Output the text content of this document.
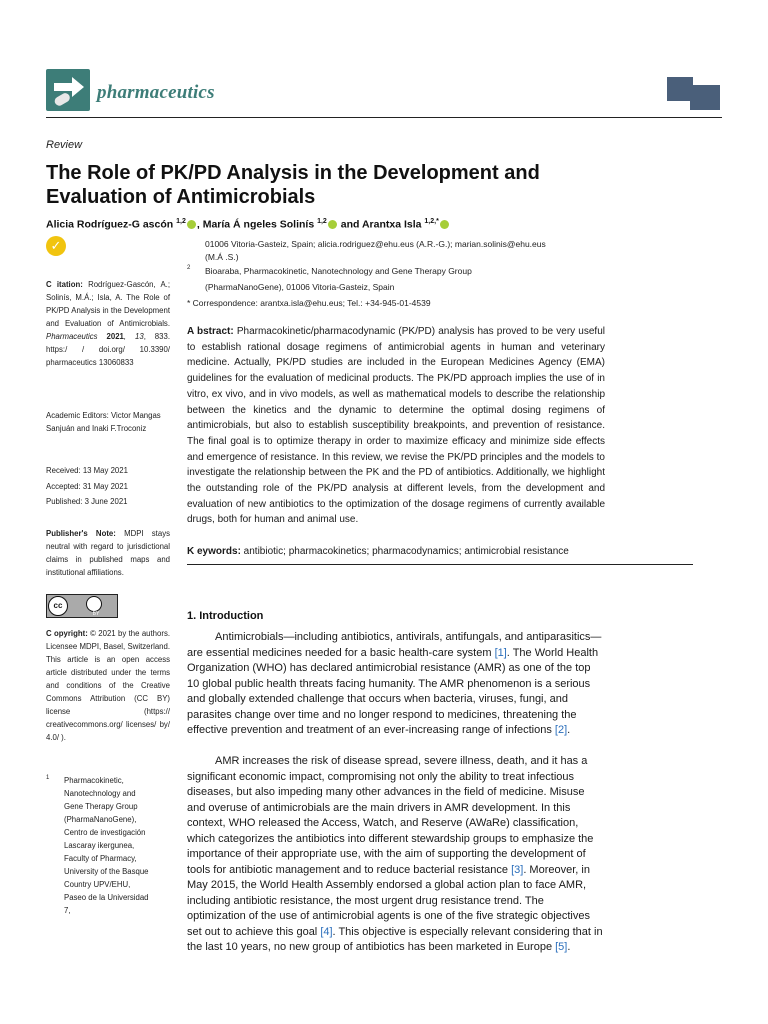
pharmaceutics
Review
The Role of PK/PD Analysis in the Development and Evaluation of Antimicrobials
Alicia Rodríguez-G ascón $^{1,2}$ , María Á ngeles Solinís $^{1,2}$ and Arantxa Isla $^{1,2,*}$
✓	01006 Vitoria-Gasteiz, Spain; alicia.rodriguez@ehu.eus (A.R.-G.); marian.solinis@ehu.eus
(M.Á .S.)
2 Bioaraba, Pharmacokinetic, Nanotechnology and Gene Therapy Group
(PharmaNanoGene), 01006 Vitoria-Gasteiz, Spain
* Correspondence: arantxa.isla@ehu.eus; Tel.: +34-945-01-4539
C itation: Rodríguez-Gascón, A.; Solinís, M.Á.; Isla, A. The Role of PK/PD Analysis in the Development and Evaluation of Antimicrobials. Pharmaceutics 2021, 13, 833. https:/ / doi.org/ 10.3390/ pharmaceutics 13060833
Academic Editors: Victor Mangas Sanjuán and Inaki F.Troconiz
Received: 13 May 2021
Accepted: 31 May 2021
Published: 3 June 2021
Publisher's Note: MDPI stays neutral with regard to jurisdictional claims in published maps and institutional affiliations.
cc
BY
C opyright: © 2021 by the authors. Licensee MDPI, Basel, Switzerland. This article is an open access article distributed under the terms and conditions of the Creative Commons Attribution (CC BY) license (https:// creativecommons.org/ licenses/ by/ 4.0/ ).
1	Pharmacokinetic, Nanotechnology and Gene Therapy Group (PharmaNanoGene), Centro de investigación Lascaray ikergunea, Faculty of Pharmacy, University of the Basque Country UPV/EHU, Paseo de la Universidad 7,
A bstract: Pharmacokinetic/pharmacodynamic (PK/PD) analysis has proved to be very useful to establish rational dosage regimens of antimicrobial agents in human and veterinary medicine. Actually, PK/PD studies are included in the European Medicines Agency (EMA) guidelines for the evaluation of medicinal products. The PK/PD approach implies the use of in vitro, ex vivo, and in vivo models, as well as mathematical models to describe the relationship between the kinetics and the dynamic to determine the optimal dosing regimens of antimicrobials, but also to establish susceptibility breakpoints, and prevention of resistance. The final goal is to optimize therapy in order to maximize efficacy and minimize side effects and emergence of resistance. In this review, we revise the PK/PD principles and the models to investigate the relationship between the PK and the PD of antibiotics. Additionally, we highlight the outstanding role of the PK/PD analysis at different levels, from the development and evaluation of new antibiotics to the optimization of the dosage regimens of currently available drugs, both for human and animal use.
K eywords: antibiotic; pharmacokinetics; pharmacodynamics; antimicrobial resistance
1. Introduction
Antimicrobials—including antibiotics, antivirals, antifungals, and antiparasitics—are essential medicines needed for a basic health-care system [1]. The World Health Organization (WHO) has declared antimicrobial resistance (AMR) as one of the top 10 global public health threats facing humanity. The AMR phenomenon is a serious and globally extended challenge that occurs when bacteria, viruses, fungi, and parasites change over time and no longer respond to medicines, threatening the effective prevention and treatment of an ever-increasing range of infections [2].
AMR increases the risk of disease spread, severe illness, death, and it has a significant economic impact, compromising not only the ability to treat infectious diseases, but also impeding many other advances in the field of medicine. Misuse and overuse of antimicrobials are the main drivers in AMR development. In this context, WHO released the Access, Watch, and Reserve (AWaRe) classification, which categorizes the antibiotics into different stewardship groups to emphasize the importance of their appropriate use, with the aim of supporting the development of tools for antibiotic management and to reduce bacterial resistance [3]. Moreover, in May 2015, the World Health Assembly endorsed a global action plan to face AMR, including antibiotic resistance, the most urgent drug resistance trend. The optimization of the use of antimicrobial agents is one of the five strategic objectives set out to achieve this goal [4]. This objective is especially relevant considering that in the last 10 years, no new group of antibiotics has been marketed in Europe [5].
